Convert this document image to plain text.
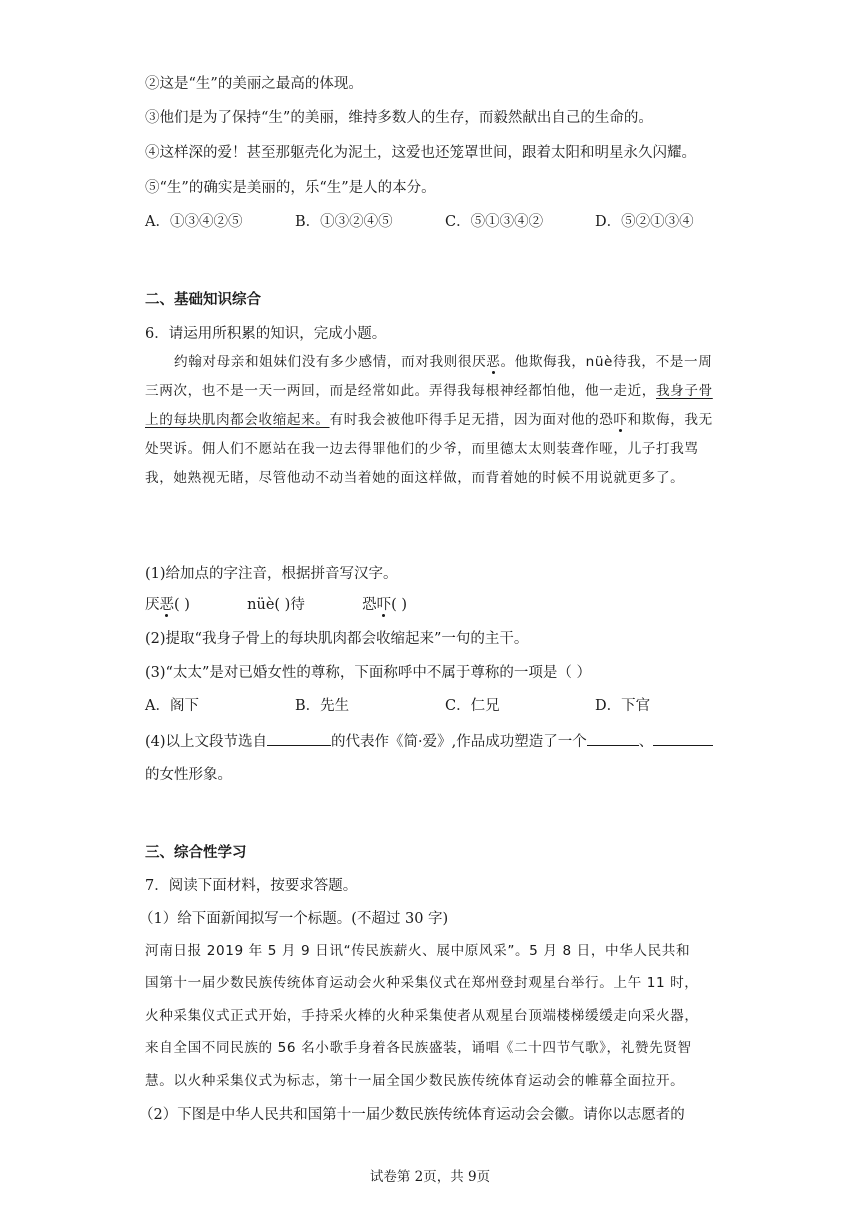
②这是“生”的美丽之最高的体现。
③他们是为了保持“生”的美丽，维持多数人的生存，而毅然献出自己的生命的。
④这样深的爱！甚至那躯壳化为泥土，这爱也还笼罩世间，跟着太阳和明星永久闪耀。
⑤“生”的确实是美丽的，乐“生”是人的本分。
A．①③④②⑤	B．①③②④⑤	C．⑤①③④②	D．⑤②①③④
二、基础知识综合
6．请运用所积累的知识，完成小题。
约翰对母亲和姐妹们没有多少感情，而对我则很厌恶。他欺侮我，nüè待我，不是一周三两次，也不是一天一两回，而是经常如此。弄得我每根神经都怕他，他一走近，我身子骨上的每块肌肉都会收缩起来。有时我会被他吓得手足无措，因为面对他的恐吓和欺侮，我无处哭诉。佣人们不愿站在我一边去得罪他们的少爷，而里德太太则装聋作哑，儿子打我骂我，她熟视无睹，尽管他动不动当着她的面这样做，而背着她的时候不用说就更多了。
(1)给加点的字注音，根据拼音写汉字。
厌恶( )	nüè( )待	恐吓( )
(2)提取“我身子骨上的每块肌肉都会收缩起来”一句的主干。
(3)“太太”是对已婚女性的尊称，下面称呼中不属于尊称的一项是（ ）
A．阁下	B．先生	C．仁兄	D．下官
(4)以上文段节选自	的代表作《简·爱》,作品成功塑造了一个	、
的女性形象。
三、综合性学习
7．阅读下面材料，按要求答题。
（1）给下面新闻拟写一个标题。(不超过 30 字)
河南日报 2019 年 5 月 9 日讯“传民族薪火、展中原风采”。5 月 8 日，中华人民共和
国第十一届少数民族传统体育运动会火种采集仪式在郑州登封观星台举行。上午 11 时，
火种采集仪式正式开始，手持采火棒的火种采集使者从观星台顶端楼梯缓缓走向采火器，
来自全国不同民族的 56 名小歌手身着各民族盛装，诵唱《二十四节气歌》，礼赞先贤智
慧。以火种采集仪式为标志，第十一届全国少数民族传统体育运动会的帷幕全面拉开。
（2）下图是中华人民共和国第十一届少数民族传统体育运动会会徽。请你以志愿者的
试卷第 2页，共 9页
